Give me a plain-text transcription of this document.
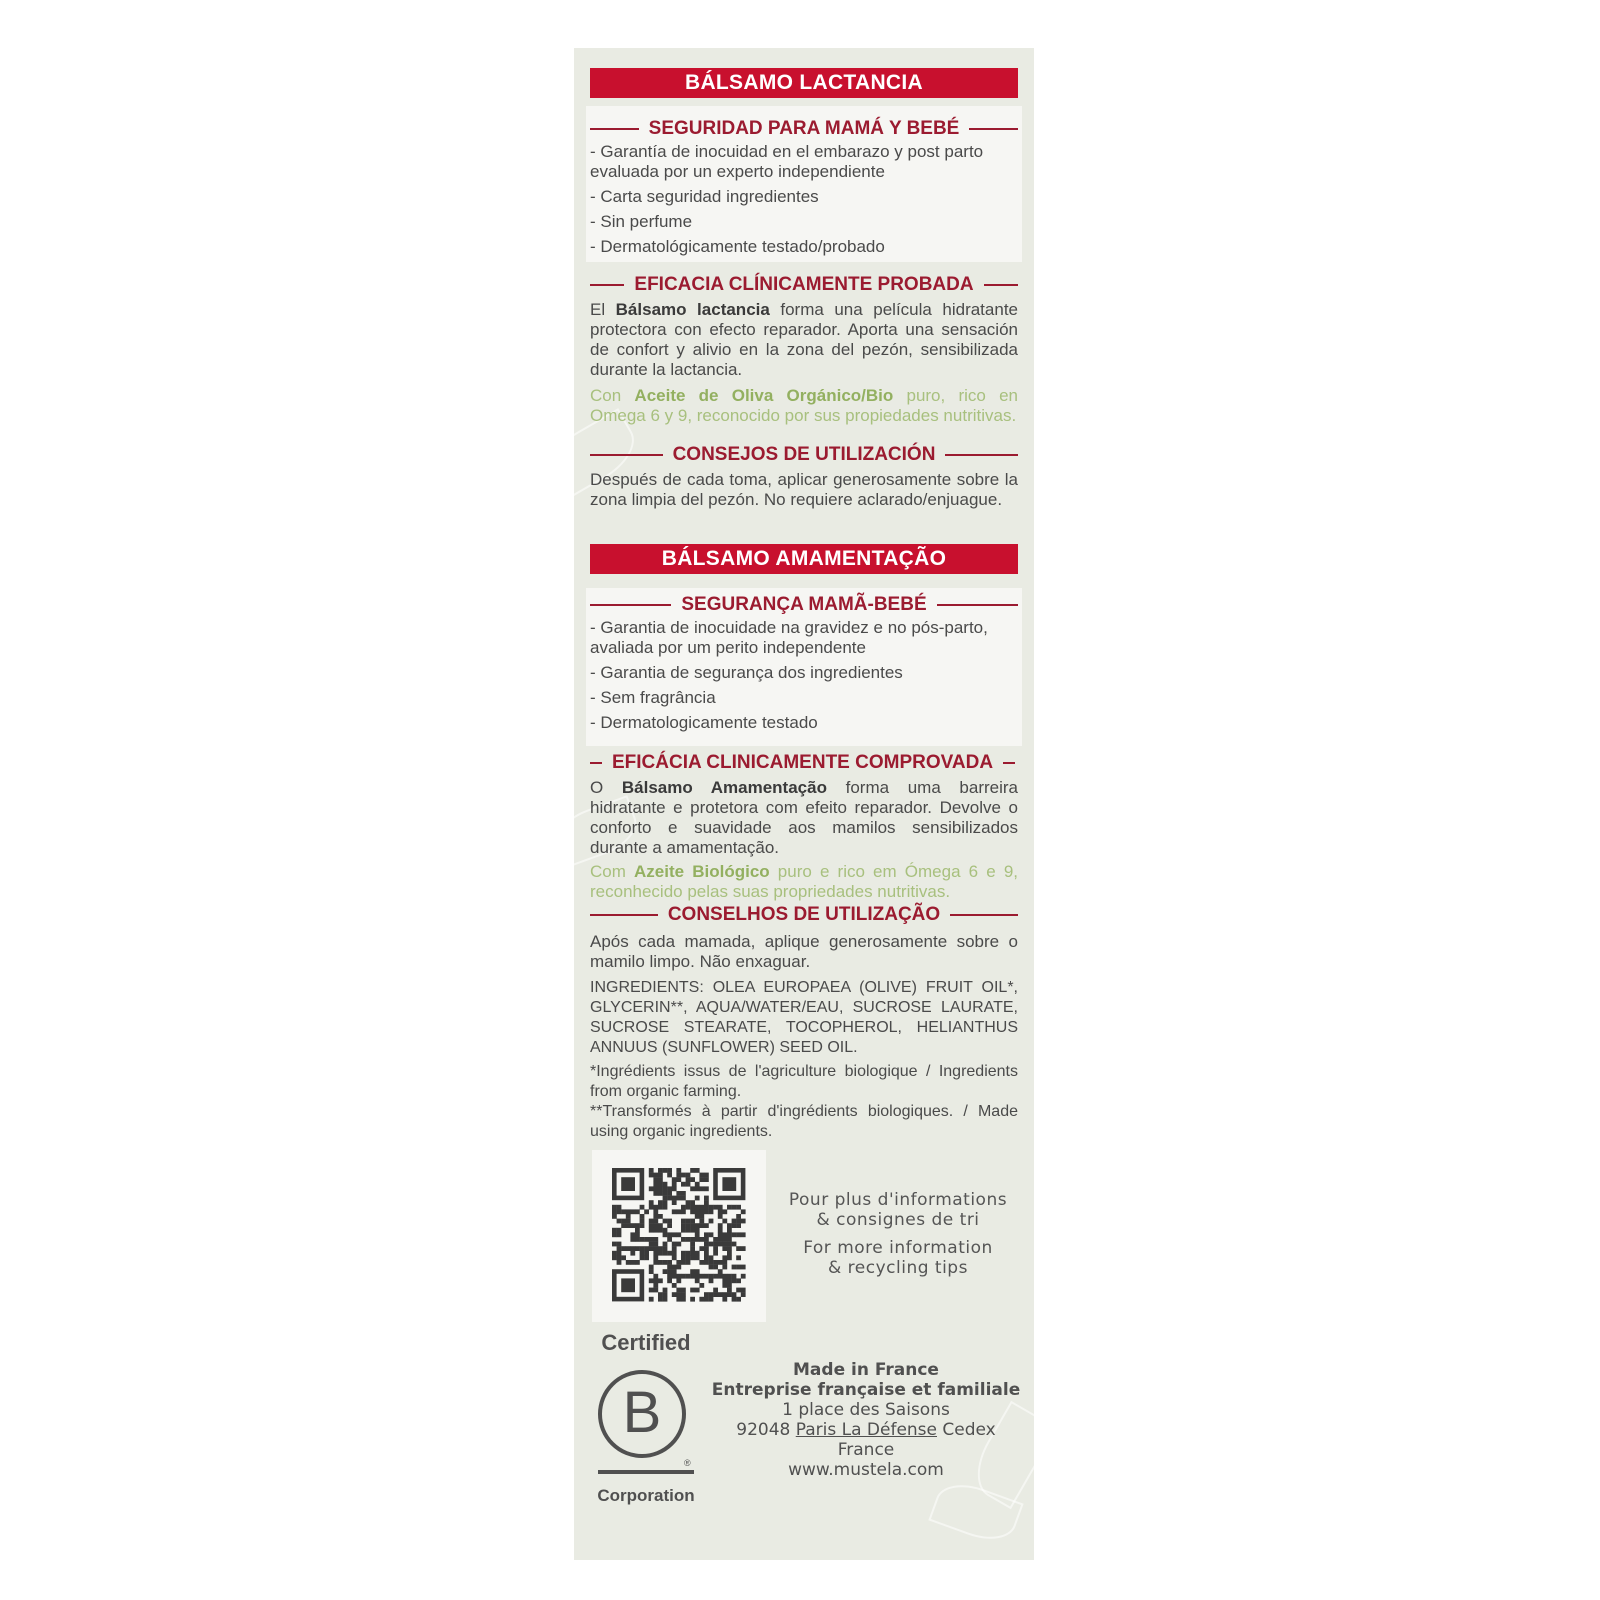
BÁLSAMO LACTANCIA
SEGURIDAD PARA MAMÁ Y BEBÉ
- Garantía de inocuidad en el embarazo y post parto evaluada por un experto independiente
- Carta seguridad ingredientes
- Sin perfume
- Dermatológicamente testado/probado
EFICACIA CLÍNICAMENTE PROBADA
El Bálsamo lactancia forma una película hidratante protectora con efecto reparador. Aporta una sensación de confort y alivio en la zona del pezón, sensibilizada durante la lactancia.
Con Aceite de Oliva Orgánico/Bio puro, rico en Omega 6 y 9, reconocido por sus propiedades nutritivas.
CONSEJOS DE UTILIZACIÓN
Después de cada toma, aplicar generosamente sobre la zona limpia del pezón. No requiere aclarado/enjuague.
BÁLSAMO AMAMENTAÇÃO
SEGURANÇA MAMÃ-BEBÉ
- Garantia de inocuidade na gravidez e no pós-parto, avaliada por um perito independente
- Garantia de segurança dos ingredientes
- Sem fragrância
- Dermatologicamente testado
EFICÁCIA CLINICAMENTE COMPROVADA
O Bálsamo Amamentação forma uma barreira hidratante e protetora com efeito reparador. Devolve o conforto e suavidade aos mamilos sensibilizados durante a amamentação.
Com Azeite Biológico puro e rico em Ómega 6 e 9, reconhecido pelas suas propriedades nutritivas.
CONSELHOS DE UTILIZAÇÃO
Após cada mamada, aplique generosamente sobre o mamilo limpo. Não enxaguar.
INGREDIENTS: OLEA EUROPAEA (OLIVE) FRUIT OIL*, GLYCERIN**, AQUA/WATER/EAU, SUCROSE LAURATE, SUCROSE STEARATE, TOCOPHEROL, HELIANTHUS ANNUUS (SUNFLOWER) SEED OIL.
*Ingrédients issus de l'agriculture biologique / Ingredients from organic farming.
**Transformés à partir d'ingrédients biologiques. / Made using organic ingredients.
Pour plus d'informations
& consignes de tri
For more information
& recycling tips
Certified
B
®
Corporation
Made in France
Entreprise française et familiale
1 place des Saisons
92048 Paris La Défense Cedex
France
www.mustela.com
